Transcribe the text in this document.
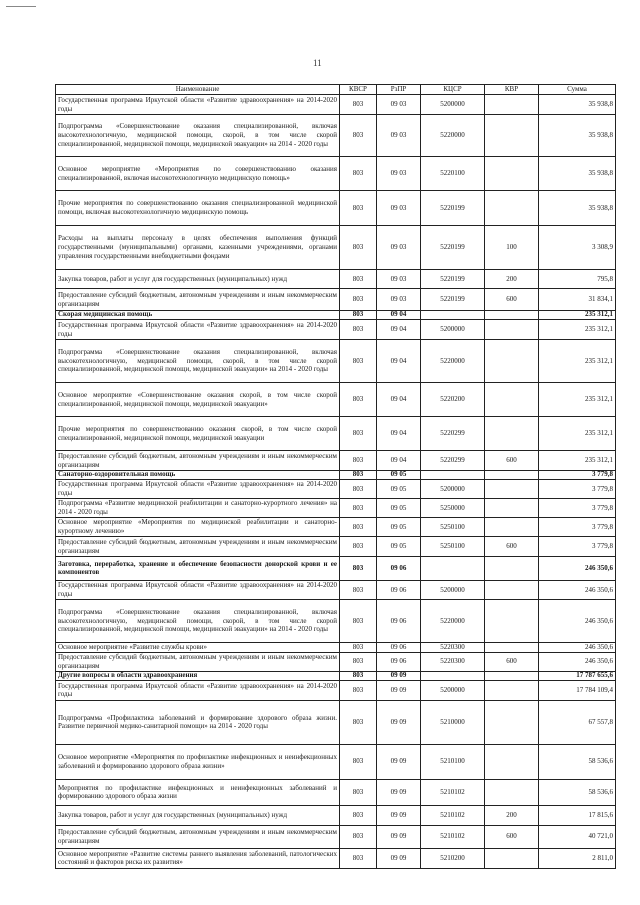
11
Наименование	КВСР	РзПР	КЦСР	КВР	Сумма
Государственная программа Иркутской области «Развитие здравоохранения» на 2014-2020 годы	803	09 03	5200000		35 938,8
Подпрограмма «Совершенствование оказания специализированной, включая высокотехнологичную, медицинской помощи, скорой, в том числе скорой специализированной, медицинской помощи, медицинской эвакуации» на 2014 - 2020 годы	803	09 03	5220000		35 938,8
Основное мероприятие «Мероприятия по совершенствованию оказания специализированной, включая высокотехнологичную медицинскую помощь»	803	09 03	5220100		35 938,8
Прочие мероприятия по совершенствованию оказания специализированной медицинской помощи, включая высокотехнологичную медицинскую помощь	803	09 03	5220199		35 938,8
Расходы на выплаты персоналу в целях обеспечения выполнения функций государственными (муниципальными) органами, казенными учреждениями, органами управления государственными внебюджетными фондами	803	09 03	5220199	100	3 308,9
Закупка товаров, работ и услуг для государственных (муниципальных) нужд	803	09 03	5220199	200	795,8
Предоставление субсидий бюджетным, автономным учреждениям и иным некоммерческим организациям	803	09 03	5220199	600	31 834,1
Скорая медицинская помощь	803	09 04			235 312,1
Государственная программа Иркутской области «Развитие здравоохранения» на 2014-2020 годы	803	09 04	5200000		235 312,1
Подпрограмма «Совершенствование оказания специализированной, включая высокотехнологичную, медицинской помощи, скорой, в том числе скорой специализированной, медицинской помощи, медицинской эвакуации» на 2014 - 2020 годы	803	09 04	5220000		235 312,1
Основное мероприятие «Совершенствование оказания скорой, в том числе скорой специализированной, медицинской помощи, медицинской эвакуации»	803	09 04	5220200		235 312,1
Прочие мероприятия по совершенствованию оказания скорой, в том числе скорой специализированной, медицинской помощи, медицинской эвакуации	803	09 04	5220299		235 312,1
Предоставление субсидий бюджетным, автономным учреждениям и иным некоммерческим организациям	803	09 04	5220299	600	235 312,1
Санаторно-оздоровительная помощь	803	09 05			3 779,8
Государственная программа Иркутской области «Развитие здравоохранения» на 2014-2020 годы	803	09 05	5200000		3 779,8
Подпрограмма «Развитие медицинской реабилитации и санаторно-курортного лечения» на 2014 - 2020 годы	803	09 05	5250000		3 779,8
Основное мероприятие «Мероприятия по медицинской реабилитации и санаторно-курортному лечению»	803	09 05	5250100		3 779,8
Предоставление субсидий бюджетным, автономным учреждениям и иным некоммерческим организациям	803	09 05	5250100	600	3 779,8
Заготовка, переработка, хранение и обеспечение безопасности донорской крови и ее компонентов	803	09 06			246 350,6
Государственная программа Иркутской области «Развитие здравоохранения» на 2014-2020 годы	803	09 06	5200000		246 350,6
Подпрограмма «Совершенствование оказания специализированной, включая высокотехнологичную, медицинской помощи, скорой, в том числе скорой специализированной, медицинской помощи, медицинской эвакуации» на 2014 - 2020 годы	803	09 06	5220000		246 350,6
Основное мероприятие «Развитие службы крови»	803	09 06	5220300		246 350,6
Предоставление субсидий бюджетным, автономным учреждениям и иным некоммерческим организациям	803	09 06	5220300	600	246 350,6
Другие вопросы в области здравоохранения	803	09 09			17 787 655,6
Государственная программа Иркутской области «Развитие здравоохранения» на 2014-2020 годы	803	09 09	5200000		17 784 109,4
Подпрограмма «Профилактика заболеваний и формирование здорового образа жизни. Развитие первичной медико-санитарной помощи» на 2014 - 2020 годы	803	09 09	5210000		67 557,8
Основное мероприятие «Мероприятия по профилактике инфекционных и неинфекционных заболеваний и формированию здорового образа жизни»	803	09 09	5210100		58 536,6
Мероприятия по профилактике инфекционных и неинфекционных заболеваний и формированию здорового образа жизни	803	09 09	5210102		58 536,6
Закупка товаров, работ и услуг для государственных (муниципальных) нужд	803	09 09	5210102	200	17 815,6
Предоставление субсидий бюджетным, автономным учреждениям и иным некоммерческим организациям	803	09 09	5210102	600	40 721,0
Основное мероприятие «Развитие системы раннего выявления заболеваний, патологических состояний и факторов риска их развития»	803	09 09	5210200		2 811,0
